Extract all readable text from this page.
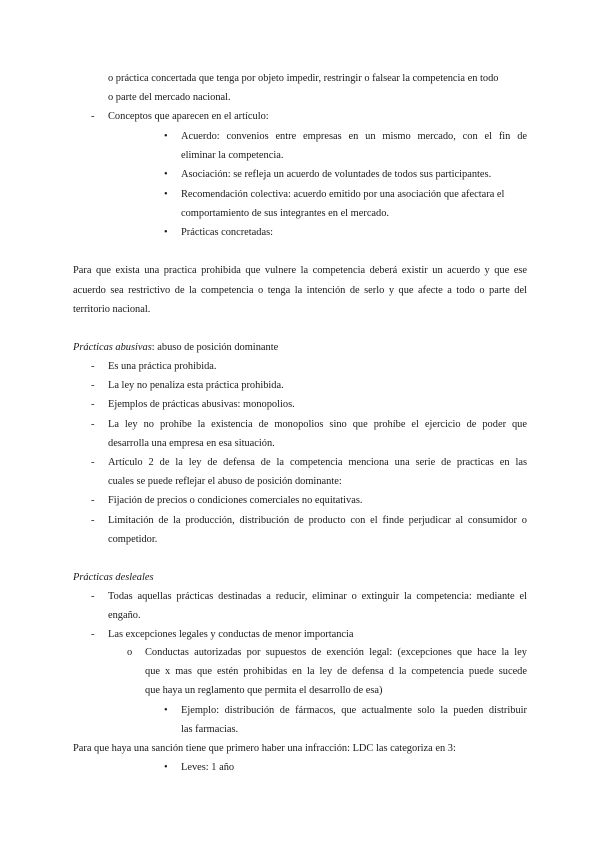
o práctica concertada que tenga por objeto impedir, restringir o falsear la competencia en todo
o parte del mercado nacional.
- Conceptos que aparecen en el artículo:
• Acuerdo: convenios entre empresas en un mismo mercado, con el fin de
eliminar la competencia.
• Asociación: se refleja un acuerdo de voluntades de todos sus participantes.
• Recomendación colectiva: acuerdo emitido por una asociación que afectara el
comportamiento de sus integrantes en el mercado.
• Prácticas concretadas:
Para que exista una practica prohibida que vulnere la competencia deberá existir un acuerdo y que ese
acuerdo sea restrictivo de la competencia o tenga la intención de serlo y que afecte a todo o parte del
territorio nacional.
Prácticas abusivas: abuso de posición dominante
- Es una práctica prohibida.
- La ley no penaliza esta práctica prohibida.
- Ejemplos de prácticas abusivas: monopolios.
- La ley no prohíbe la existencia de monopolios sino que prohíbe el ejercicio de poder que
desarrolla una empresa en esa situación.
- Artículo 2 de la ley de defensa de la competencia menciona una serie de practicas en las
cuales se puede reflejar el abuso de posición dominante:
- Fijación de precios o condiciones comerciales no equitativas.
- Limitación de la producción, distribución de producto con el finde perjudicar al consumidor o
competidor.
Prácticas desleales
- Todas aquellas prácticas destinadas a reducir, eliminar o extinguir la competencia: mediante el
engaño.
- Las excepciones legales y conductas de menor importancia
o Conductas autorizadas por supuestos de exención legal: (excepciones que hace la ley
que x mas que estén prohibidas en la ley de defensa d la competencia puede sucede
que haya un reglamento que permita el desarrollo de esa)
• Ejemplo: distribución de fármacos, que actualmente solo la pueden distribuir
las farmacias.
Para que haya una sanción tiene que primero haber una infracción: LDC las categoriza en 3:
• Leves: 1 año
